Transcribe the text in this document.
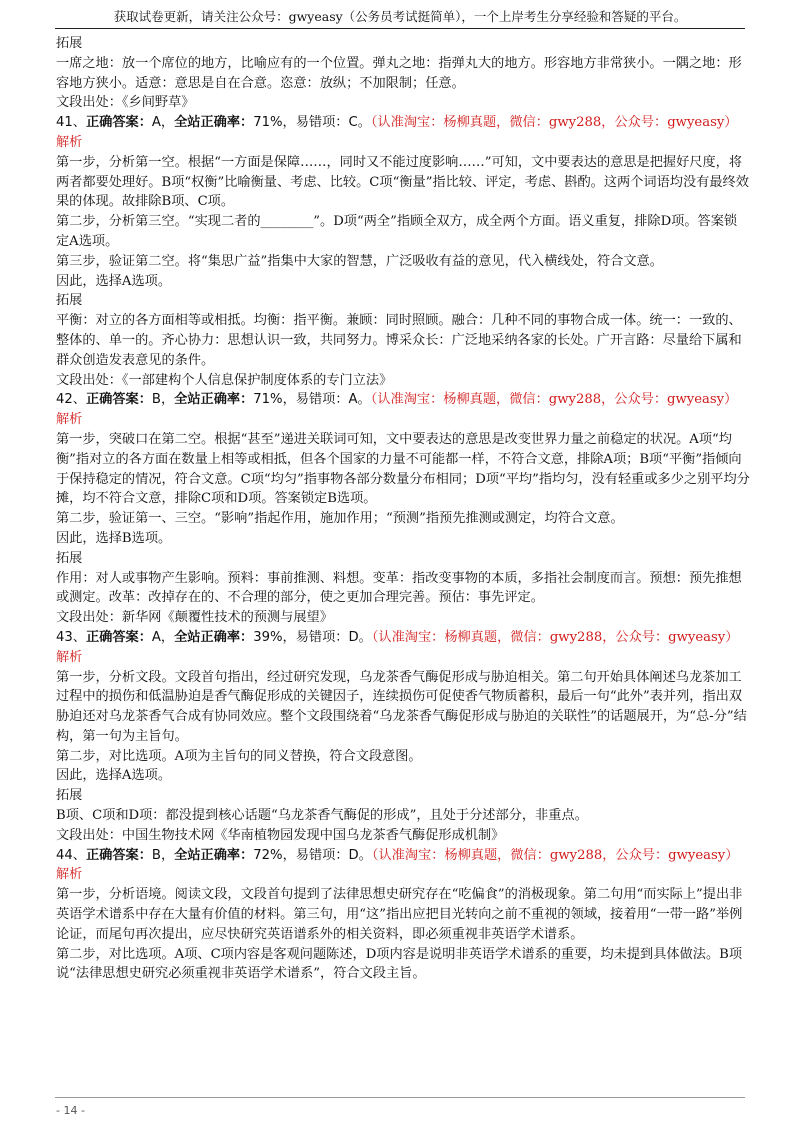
获取试卷更新，请关注公众号：gwyeasy（公务员考试挺简单），一个上岸考生分享经验和答疑的平台。

拓展

一席之地：放一个席位的地方，比喻应有的一个位置。弹丸之地：指弹丸大的地方。形容地方非常狭小。一隅之地：形容地方狭小。适意：意思是自在合意。恣意：放纵；不加限制；任意。

文段出处：《乡间野草》

41、正确答案：A，全站正确率：71%，易错项：C。（认准淘宝：杨柳真题，微信：gwy288，公众号：gwyeasy）

解析

第一步，分析第一空。根据“一方面是保障……，同时又不能过度影响……”可知，文中要表达的意思是把握好尺度，将两者都要处理好。B项“权衡”比喻衡量、考虑、比较。C项“衡量”指比较、评定，考虑、斟酌。这两个词语均没有最终效果的体现。故排除B项、C项。

第二步，分析第三空。“实现二者的________”。D项“两全”指顾全双方，成全两个方面。语义重复，排除D项。答案锁定A选项。

第三步，验证第二空。将“集思广益”指集中大家的智慧，广泛吸收有益的意见，代入横线处，符合文意。

因此，选择A选项。

拓展

平衡：对立的各方面相等或相抵。均衡：指平衡。兼顾：同时照顾。融合：几种不同的事物合成一体。统一：一致的、整体的、单一的。齐心协力：思想认识一致，共同努力。博采众长：广泛地采纳各家的长处。广开言路：尽量给下属和群众创造发表意见的条件。

文段出处：《一部建构个人信息保护制度体系的专门立法》

42、正确答案：B，全站正确率：71%，易错项：A。（认准淘宝：杨柳真题，微信：gwy288，公众号：gwyeasy）

解析

第一步，突破口在第二空。根据“甚至”递进关联词可知，文中要表达的意思是改变世界力量之前稳定的状况。A项“均衡”指对立的各方面在数量上相等或相抵，但各个国家的力量不可能都一样，不符合文意，排除A项；B项“平衡”指倾向于保持稳定的情况，符合文意。C项“均匀”指事物各部分数量分布相同；D项“平均”指均匀，没有轻重或多少之别平均分摊，均不符合文意，排除C项和D项。答案锁定B选项。

第二步，验证第一、三空。“影响”指起作用，施加作用；“预测”指预先推测或测定，均符合文意。

因此，选择B选项。

拓展

作用：对人或事物产生影响。预料：事前推测、料想。变革：指改变事物的本质，多指社会制度而言。预想：预先推想或测定。改革：改掉存在的、不合理的部分，使之更加合理完善。预估：事先评定。

文段出处：新华网《颠覆性技术的预测与展望》

43、正确答案：A，全站正确率：39%，易错项：D。（认准淘宝：杨柳真题，微信：gwy288，公众号：gwyeasy）

解析

第一步，分析文段。文段首句指出，经过研究发现，乌龙茶香气酶促形成与胁迫相关。第二句开始具体阐述乌龙茶加工过程中的损伤和低温胁迫是香气酶促形成的关键因子，连续损伤可促使香气物质蓄积，最后一句“此外”表并列，指出双胁迫还对乌龙茶香气合成有协同效应。整个文段围绕着“乌龙茶香气酶促形成与胁迫的关联性”的话题展开，为“总-分”结构，第一句为主旨句。

第二步，对比选项。A项为主旨句的同义替换，符合文段意图。

因此，选择A选项。

拓展

B项、C项和D项：都没提到核心话题“乌龙茶香气酶促的形成”，且处于分述部分，非重点。

文段出处：中国生物技术网《华南植物园发现中国乌龙茶香气酶促形成机制》

44、正确答案：B，全站正确率：72%，易错项：D。（认准淘宝：杨柳真题，微信：gwy288，公众号：gwyeasy）

解析

第一步，分析语境。阅读文段，文段首句提到了法律思想史研究存在“吃偏食”的消极现象。第二句用“而实际上”提出非英语学术谱系中存在大量有价值的材料。第三句，用“这”指出应把目光转向之前不重视的领域，接着用“一带一路”举例论证，而尾句再次提出，应尽快研究英语谱系外的相关资料，即必须重视非英语学术谱系。

第二步，对比选项。A项、C项内容是客观问题陈述，D项内容是说明非英语学术谱系的重要，均未提到具体做法。B项说“法律思想史研究必须重视非英语学术谱系”，符合文段主旨。

- 14 -
